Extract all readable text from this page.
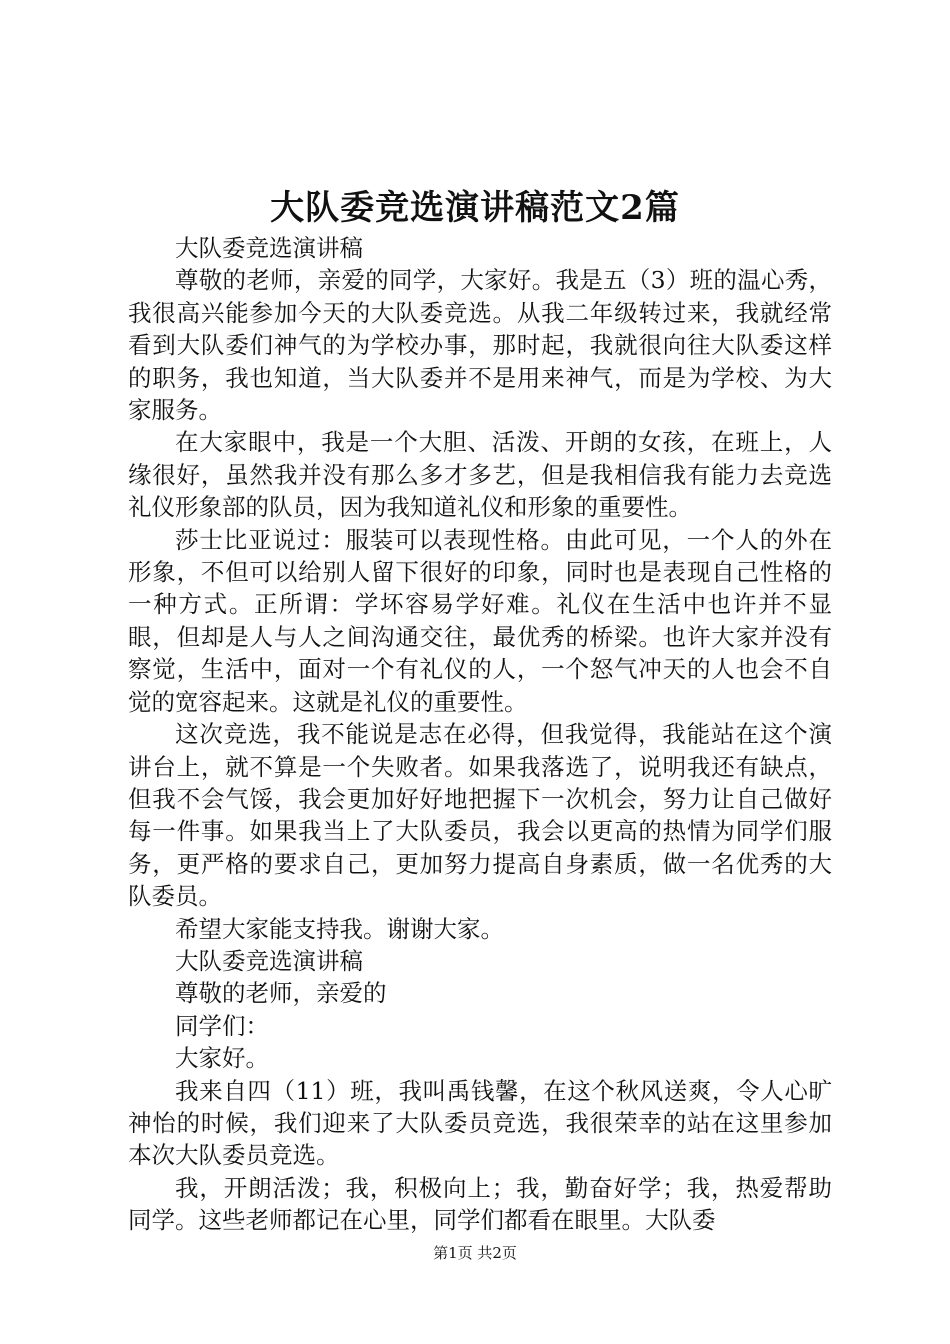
大队委竞选演讲稿范文2篇

大队委竞选演讲稿

尊敬的老师，亲爱的同学，大家好。我是五（3）班的温心秀，我很高兴能参加今天的大队委竞选。从我二年级转过来，我就经常看到大队委们神气的为学校办事，那时起，我就很向往大队委这样的职务，我也知道，当大队委并不是用来神气，而是为学校、为大家服务。

在大家眼中，我是一个大胆、活泼、开朗的女孩，在班上，人缘很好，虽然我并没有那么多才多艺，但是我相信我有能力去竞选礼仪形象部的队员，因为我知道礼仪和形象的重要性。

莎士比亚说过：服装可以表现性格。由此可见，一个人的外在形象，不但可以给别人留下很好的印象，同时也是表现自己性格的一种方式。正所谓：学坏容易学好难。礼仪在生活中也许并不显眼，但却是人与人之间沟通交往，最优秀的桥梁。也许大家并没有察觉，生活中，面对一个有礼仪的人，一个怒气冲天的人也会不自觉的宽容起来。这就是礼仪的重要性。

这次竞选，我不能说是志在必得，但我觉得，我能站在这个演讲台上，就不算是一个失败者。如果我落选了，说明我还有缺点，但我不会气馁，我会更加好好地把握下一次机会，努力让自己做好每一件事。如果我当上了大队委员，我会以更高的热情为同学们服务，更严格的要求自己，更加努力提高自身素质，做一名优秀的大队委员。

希望大家能支持我。谢谢大家。

大队委竞选演讲稿

尊敬的老师，亲爱的

同学们：

大家好。

我来自四（11）班，我叫禹钱馨，在这个秋风送爽，令人心旷神怡的时候，我们迎来了大队委员竞选，我很荣幸的站在这里参加本次大队委员竞选。

我，开朗活泼；我，积极向上；我，勤奋好学；我，热爱帮助同学。这些老师都记在心里，同学们都看在眼里。大队委

第1页 共2页
